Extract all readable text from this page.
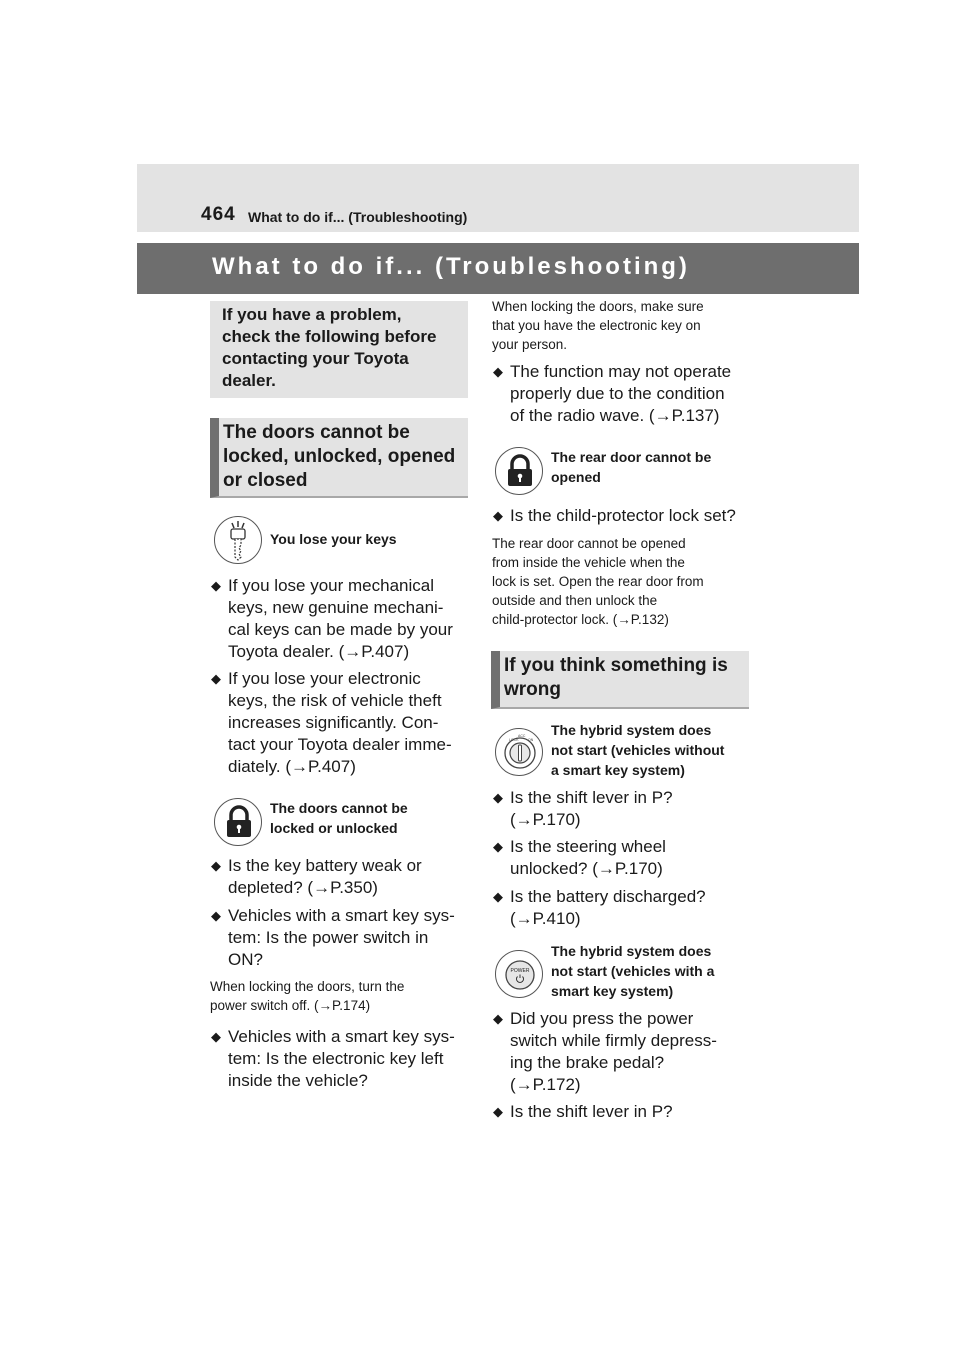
464 What to do if... (Troubleshooting)
What to do if... (Troubleshooting)
If you have a problem,
check the following before
contacting your Toyota
dealer.
The doors cannot be
locked, unlocked, opened
or closed
You lose your keys
◆ If you lose your mechanical
keys, new genuine mechani-
cal keys can be made by your
Toyota dealer. (→P.407)
◆ If you lose your electronic
keys, the risk of vehicle theft
increases significantly. Con-
tact your Toyota dealer imme-
diately. (→P.407)
The doors cannot be
locked or unlocked
◆ Is the key battery weak or
depleted? (→P.350)
◆ Vehicles with a smart key sys-
tem: Is the power switch in
ON?
When locking the doors, turn the
power switch off. (→P.174)
◆ Vehicles with a smart key sys-
tem: Is the electronic key left
inside the vehicle?
When locking the doors, make sure
that you have the electronic key on
your person.
◆ The function may not operate
properly due to the condition
of the radio wave. (→P.137)
The rear door cannot be
opened
◆ Is the child-protector lock set?
The rear door cannot be opened
from inside the vehicle when the
lock is set. Open the rear door from
outside and then unlock the
child-protector lock. (→P.132)
If you think something is
wrong
LOCK
ACC
ON
The hybrid system does
not start (vehicles without
a smart key system)
◆ Is the shift lever in P?
(→P.170)
◆ Is the steering wheel
unlocked? (→P.170)
◆ Is the battery discharged?
(→P.410)
POWER
The hybrid system does
not start (vehicles with a
smart key system)
◆ Did you press the power
switch while firmly depress-
ing the brake pedal?
(→P.172)
◆ Is the shift lever in P?
